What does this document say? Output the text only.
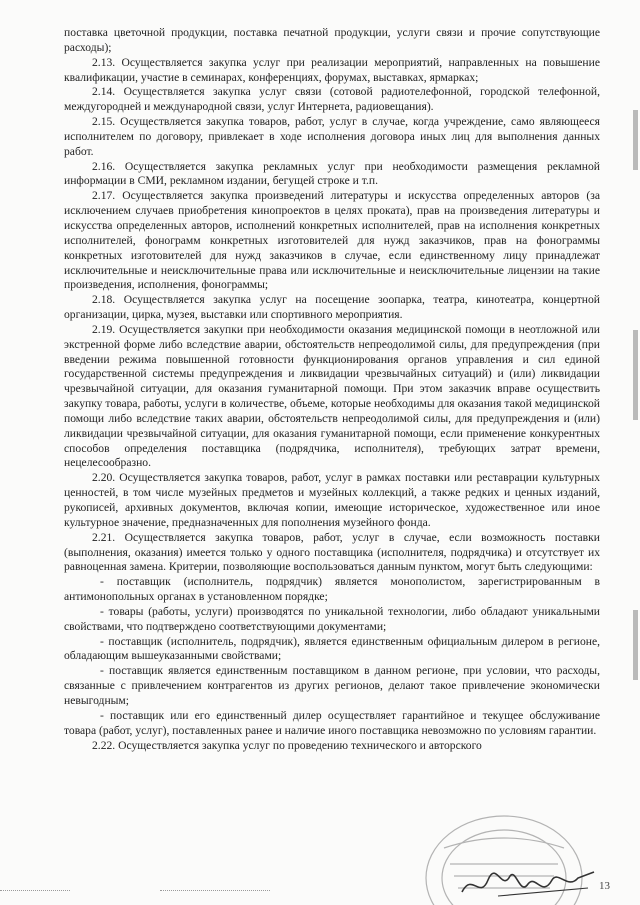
поставка цветочной продукции, поставка печатной продукции, услуги связи и прочие сопутствующие расходы);

2.13. Осуществляется закупка услуг при реализации мероприятий, направленных на повышение квалификации, участие в семинарах, конференциях, форумах, выставках, ярмарках;

2.14. Осуществляется закупка услуг связи (сотовой радиотелефонной, городской телефонной, междугородней и международной связи, услуг Интернета, радиовещания).

2.15. Осуществляется закупка товаров, работ, услуг в случае, когда учреждение, само являющееся исполнителем по договору, привлекает в ходе исполнения договора иных лиц для выполнения данных работ.

2.16. Осуществляется закупка рекламных услуг при необходимости размещения рекламной информации в СМИ, рекламном издании, бегущей строке и т.п.

2.17. Осуществляется закупка произведений литературы и искусства определенных авторов (за исключением случаев приобретения кинопроектов в целях проката), прав на произведения литературы и искусства определенных авторов, исполнений конкретных исполнителей, прав на исполнения конкретных исполнителей, фонограмм конкретных изготовителей для нужд заказчиков, прав на фонограммы конкретных изготовителей для нужд заказчиков в случае, если единственному лицу принадлежат исключительные и неисключительные права или исключительные и неисключительные лицензии на такие произведения, исполнения, фонограммы;

2.18. Осуществляется закупка услуг на посещение зоопарка, театра, кинотеатра, концертной организации, цирка, музея, выставки или спортивного мероприятия.

2.19. Осуществляется закупки при необходимости оказания медицинской помощи в неотложной или экстренной форме либо вследствие аварии, обстоятельств непреодолимой силы, для предупреждения (при введении режима повышенной готовности функционирования органов управления и сил единой государственной системы предупреждения и ликвидации чрезвычайных ситуаций) и (или) ликвидации чрезвычайной ситуации, для оказания гуманитарной помощи. При этом заказчик вправе осуществить закупку товара, работы, услуги в количестве, объеме, которые необходимы для оказания такой медицинской помощи либо вследствие таких аварии, обстоятельств непреодолимой силы, для предупреждения и (или) ликвидации чрезвычайной ситуации, для оказания гуманитарной помощи, если применение конкурентных способов определения поставщика (подрядчика, исполнителя), требующих затрат времени, нецелесообразно.

2.20. Осуществляется закупка товаров, работ, услуг в рамках поставки или реставрации культурных ценностей, в том числе музейных предметов и музейных коллекций, а также редких и ценных изданий, рукописей, архивных документов, включая копии, имеющие историческое, художественное или иное культурное значение, предназначенных для пополнения музейного фонда.

2.21. Осуществляется закупка товаров, работ, услуг в случае, если возможность поставки (выполнения, оказания) имеется только у одного поставщика (исполнителя, подрядчика) и отсутствует их равноценная замена. Критерии, позволяющие воспользоваться данным пунктом, могут быть следующими:

- поставщик (исполнитель, подрядчик) является монополистом, зарегистрированным в антимонопольных органах в установленном порядке;

- товары (работы, услуги) производятся по уникальной технологии, либо обладают уникальными свойствами, что подтверждено соответствующими документами;

- поставщик (исполнитель, подрядчик), является единственным официальным дилером в регионе, обладающим вышеуказанными свойствами;

- поставщик является единственным поставщиком в данном регионе, при условии, что расходы, связанные с привлечением контрагентов из других регионов, делают такое привлечение экономически невыгодным;

- поставщик или его единственный дилер осуществляет гарантийное и текущее обслуживание товара (работ, услуг), поставленных ранее и наличие иного поставщика невозможно по условиям гарантии.

2.22. Осуществляется закупка услуг по проведению технического и авторского

13
